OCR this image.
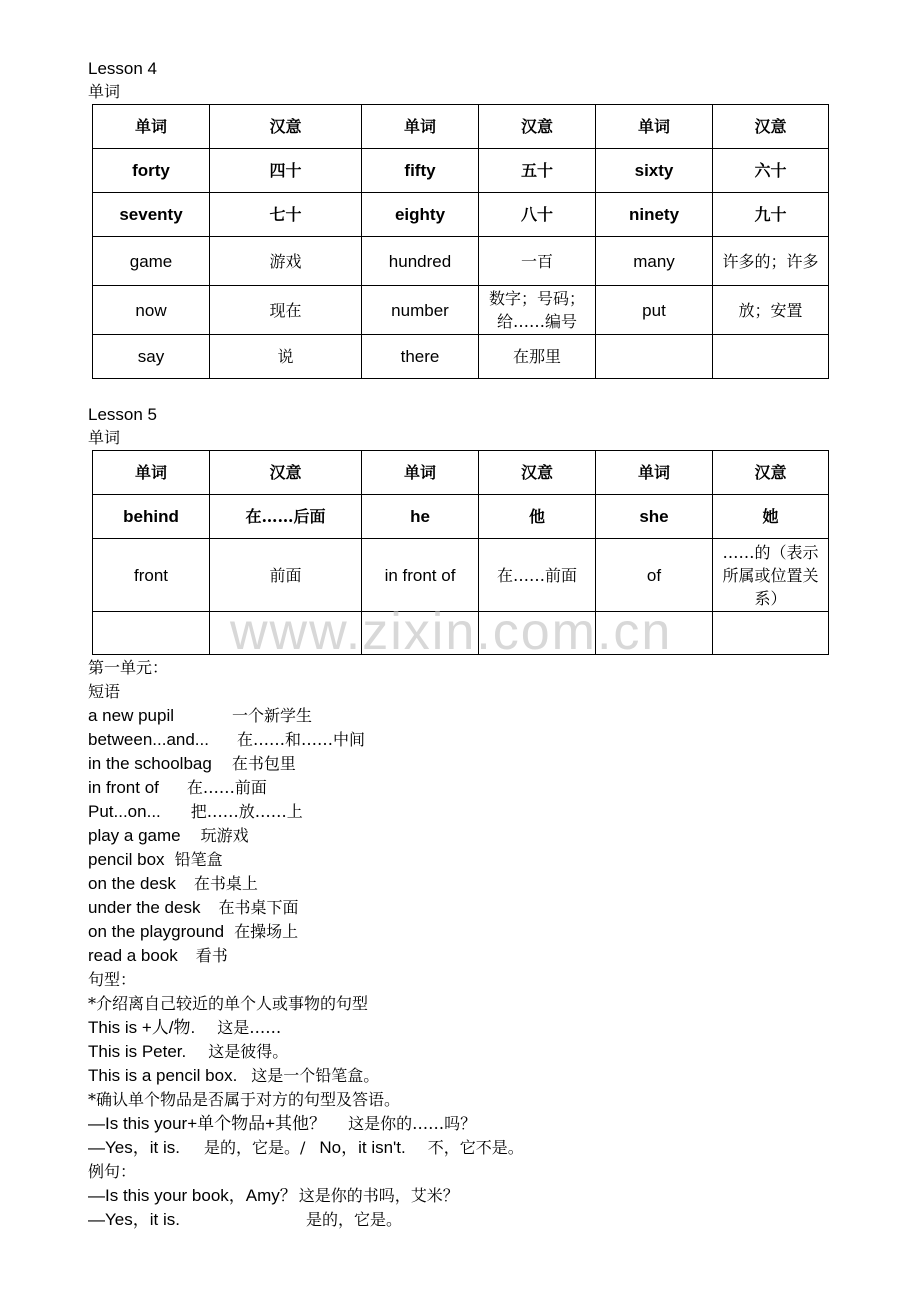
Lesson 4
单词
单词	汉意	单词	汉意	单词	汉意
forty	四十	fifty	五十	sixty	六十
seventy	七十	eighty	八十	ninety	九十
game	游戏	hundred	一百	many	许多的；许多
now	现在	number	数字；号码；给……编号	put	放；安置
say	说	there	在那里		
Lesson 5
单词
单词	汉意	单词	汉意	单词	汉意
behind	在……后面	he	他	she	她
front	前面	in front of	在……前面	of	……的（表示所属或位置关系）

www.zixin.com.cn
第一单元：
短语
a new pupil	一个新学生
between...and... 在……和……中间
in the schoolbag 在书包里
in front of 在……前面
Put...on... 把……放……上
play a game 玩游戏
pencil box 铅笔盒
on the desk 在书桌上
under the desk 在书桌下面
on the playground 在操场上
read a book 看书
句型：
*介绍离自己较近的单个人或事物的句型
This is +人/物. 这是……
This is Peter. 这是彼得。
This is a pencil box. 这是一个铅笔盒。
*确认单个物品是否属于对方的句型及答语。
—Is this your+单个物品+其他？ 这是你的……吗？
—Yes，it is. 是的，它是。/ No，it isn't. 不，它不是。
例句：
—Is this your book，Amy？ 这是你的书吗，艾米？
—Yes，it is.	是的，它是。
